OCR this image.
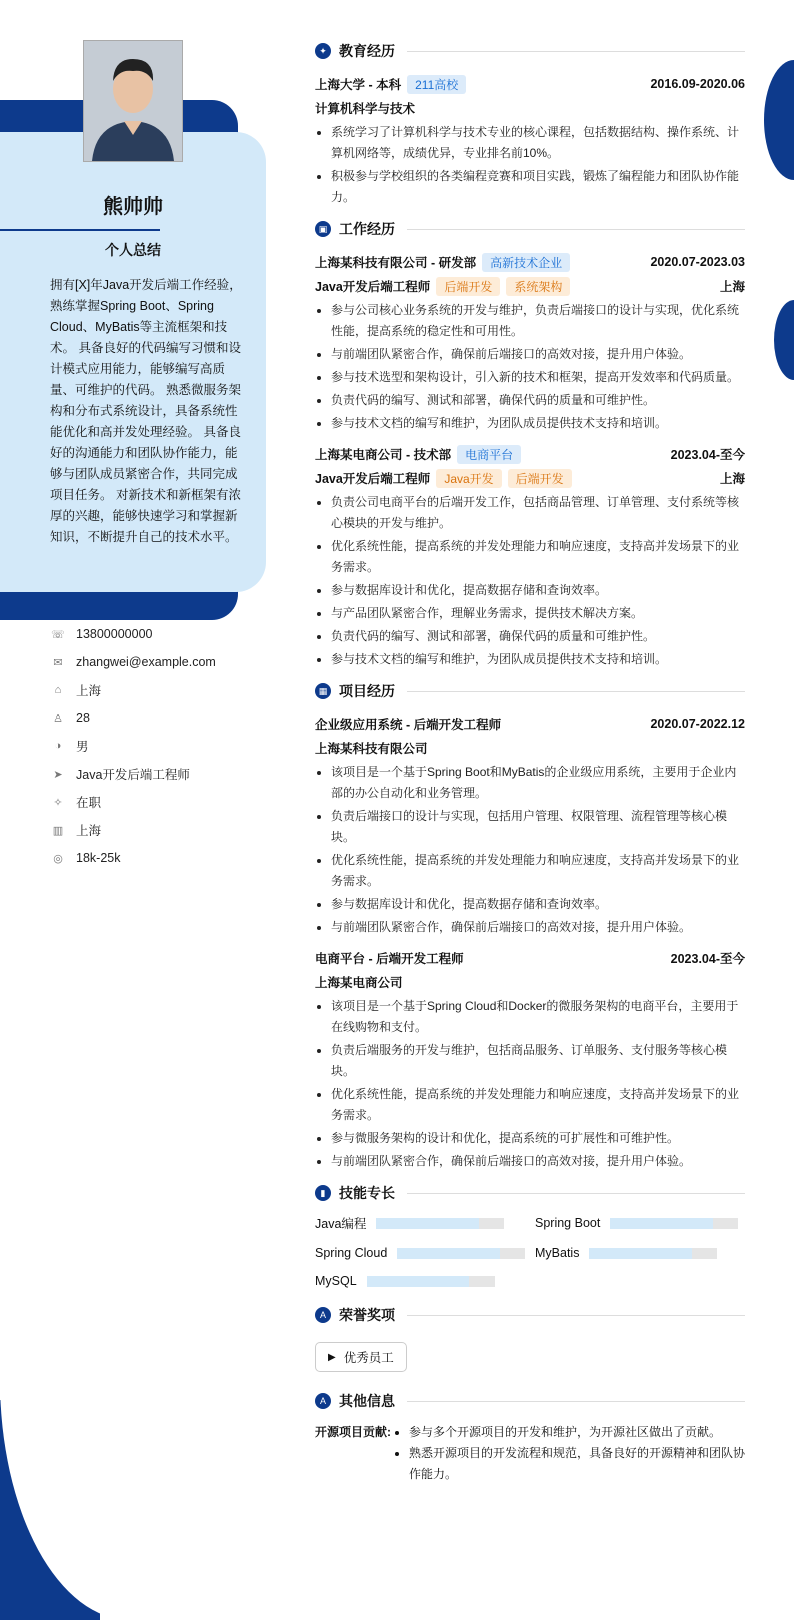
熊帅帅
个人总结
拥有[X]年Java开发后端工作经验，熟练掌握Spring Boot、Spring Cloud、MyBatis等主流框架和技术。 具备良好的代码编写习惯和设计模式应用能力，能够编写高质量、可维护的代码。 熟悉微服务架构和分布式系统设计，具备系统性能优化和高并发处理经验。 具备良好的沟通能力和团队协作能力，能够与团队成员紧密合作，共同完成项目任务。 对新技术和新框架有浓厚的兴趣，能够快速学习和掌握新知识，不断提升自己的技术水平。
☏ 13800000000
✉ zhangwei@example.com
⌂	上海
♙ 28
◑	男
➤ Java开发后端工程师
✧ 在职
▥ 上海
◎ 18k-25k
✦ 教育经历
上海大学 - 本科	211高校	2016.09-2020.06
计算机科学与技术
• 系统学习了计算机科学与技术专业的核心课程，包括数据结构、操作系统、计算机网络等，成绩优异，专业排名前10%。
• 积极参与学校组织的各类编程竞赛和项目实践，锻炼了编程能力和团队协作能力。
▣ 工作经历
上海某科技有限公司 - 研发部	高新技术企业	2020.07-2023.03
Java开发后端工程师	后端开发	系统架构	上海
• 参与公司核心业务系统的开发与维护，负责后端接口的设计与实现，优化系统性能，提高系统的稳定性和可用性。
• 与前端团队紧密合作，确保前后端接口的高效对接，提升用户体验。
• 参与技术选型和架构设计，引入新的技术和框架，提高开发效率和代码质量。
• 负责代码的编写、测试和部署，确保代码的质量和可维护性。
• 参与技术文档的编写和维护，为团队成员提供技术支持和培训。
上海某电商公司 - 技术部	电商平台	2023.04-至今
Java开发后端工程师	Java开发	后端开发	上海
• 负责公司电商平台的后端开发工作，包括商品管理、订单管理、支付系统等核心模块的开发与维护。
• 优化系统性能，提高系统的并发处理能力和响应速度，支持高并发场景下的业务需求。
• 参与数据库设计和优化，提高数据存储和查询效率。
• 与产品团队紧密合作，理解业务需求，提供技术解决方案。
• 负责代码的编写、测试和部署，确保代码的质量和可维护性。
• 参与技术文档的编写和维护，为团队成员提供技术支持和培训。
▦ 项目经历
企业级应用系统 - 后端开发工程师	2020.07-2022.12
上海某科技有限公司
• 该项目是一个基于Spring Boot和MyBatis的企业级应用系统，主要用于企业内部的办公自动化和业务管理。
• 负责后端接口的设计与实现，包括用户管理、权限管理、流程管理等核心模块。
• 优化系统性能，提高系统的并发处理能力和响应速度，支持高并发场景下的业务需求。
• 参与数据库设计和优化，提高数据存储和查询效率。
• 与前端团队紧密合作，确保前后端接口的高效对接，提升用户体验。
电商平台 - 后端开发工程师	2023.04-至今
上海某电商公司
• 该项目是一个基于Spring Cloud和Docker的微服务架构的电商平台，主要用于在线购物和支付。
• 负责后端服务的开发与维护，包括商品服务、订单服务、支付服务等核心模块。
• 优化系统性能，提高系统的并发处理能力和响应速度，支持高并发场景下的业务需求。
• 参与微服务架构的设计和优化，提高系统的可扩展性和可维护性。
• 与前端团队紧密合作，确保前后端接口的高效对接，提升用户体验。
▮ 技能专长
Java编程	Spring Boot
Spring Cloud	MyBatis
MySQL
A 荣誉奖项
▶ 优秀员工
A 其他信息
开源项目贡献:
• 参与多个开源项目的开发和维护，为开源社区做出了贡献。
• 熟悉开源项目的开发流程和规范，具备良好的开源精神和团队协作能力。
